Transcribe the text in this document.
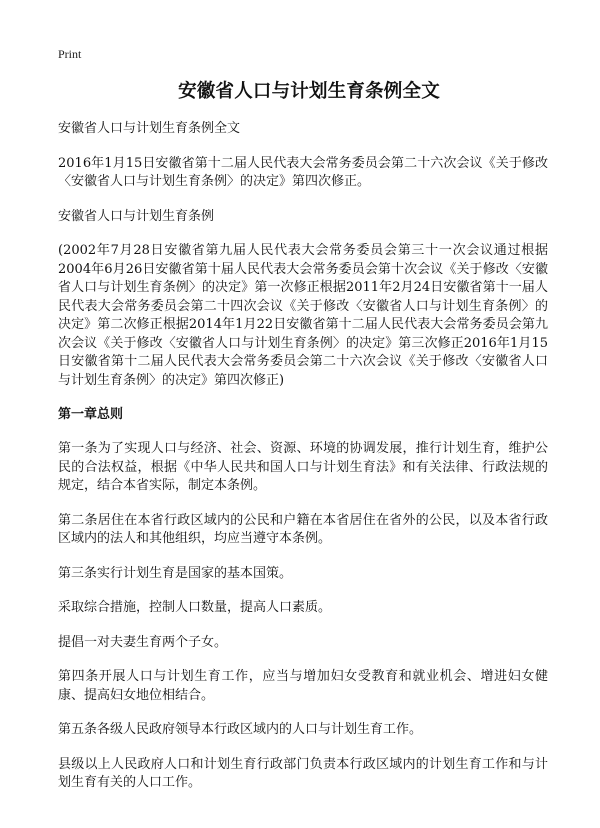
Print
安徽省人口与计划生育条例全文

安徽省人口与计划生育条例全文

2016年1月15日安徽省第十二届人民代表大会常务委员会第二十六次会议《关于修改〈安徽省人口与计划生育条例〉的决定》第四次修正。

安徽省人口与计划生育条例

(2002年7月28日安徽省第九届人民代表大会常务委员会第三十一次会议通过根据2004年6月26日安徽省第十届人民代表大会常务委员会第十次会议《关于修改〈安徽省人口与计划生育条例〉的决定》第一次修正根据2011年2月24日安徽省第十一届人民代表大会常务委员会第二十四次会议《关于修改〈安徽省人口与计划生育条例〉的决定》第二次修正根据2014年1月22日安徽省第十二届人民代表大会常务委员会第九次会议《关于修改〈安徽省人口与计划生育条例〉的决定》第三次修正2016年1月15日安徽省第十二届人民代表大会常务委员会第二十六次会议《关于修改〈安徽省人口与计划生育条例〉的决定》第四次修正)

第一章总则

第一条为了实现人口与经济、社会、资源、环境的协调发展，推行计划生育，维护公民的合法权益，根据《中华人民共和国人口与计划生育法》和有关法律、行政法规的规定，结合本省实际，制定本条例。

第二条居住在本省行政区域内的公民和户籍在本省居住在省外的公民，以及本省行政区域内的法人和其他组织，均应当遵守本条例。

第三条实行计划生育是国家的基本国策。

采取综合措施，控制人口数量，提高人口素质。

提倡一对夫妻生育两个子女。

第四条开展人口与计划生育工作，应当与增加妇女受教育和就业机会、增进妇女健康、提高妇女地位相结合。

第五条各级人民政府领导本行政区域内的人口与计划生育工作。

县级以上人民政府人口和计划生育行政部门负责本行政区域内的计划生育工作和与计划生育有关的人口工作。
